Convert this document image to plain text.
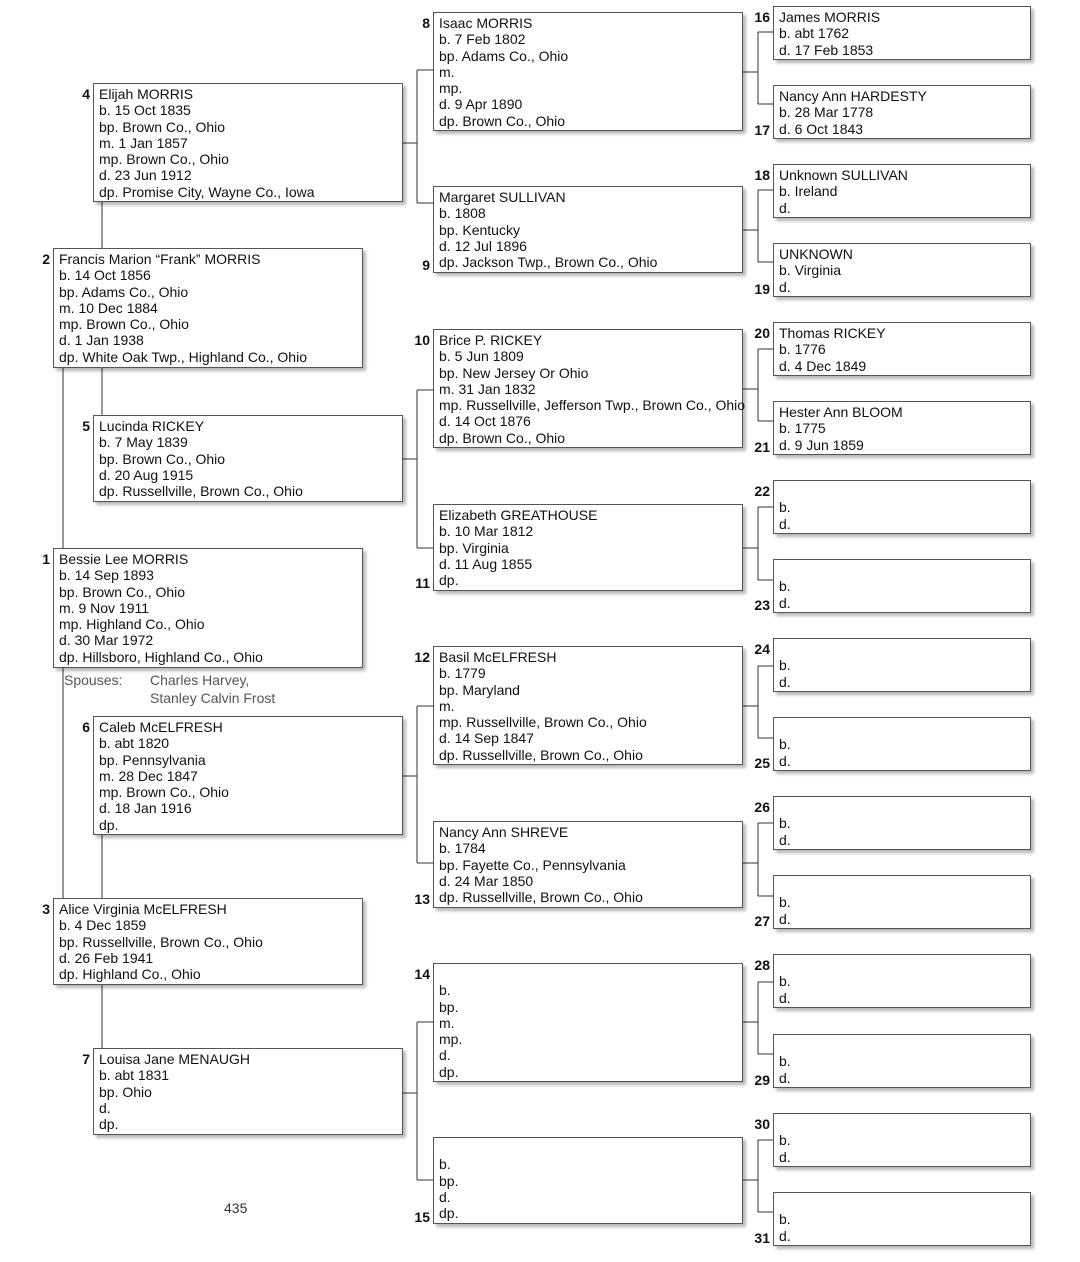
1 Bessie Lee MORRIS
b. 14 Sep 1893
bp. Brown Co., Ohio
m. 9 Nov 1911
mp. Highland Co., Ohio
d. 30 Mar 1972
dp. Hillsboro, Highland Co., Ohio
Spouses: Charles Harvey,
Stanley Calvin Frost
2 Francis Marion “Frank” MORRIS
b. 14 Oct 1856
bp. Adams Co., Ohio
m. 10 Dec 1884
mp. Brown Co., Ohio
d. 1 Jan 1938
dp. White Oak Twp., Highland Co., Ohio
3 Alice Virginia McELFRESH
b. 4 Dec 1859
bp. Russellville, Brown Co., Ohio
d. 26 Feb 1941
dp. Highland Co., Ohio
4 Elijah MORRIS
b. 15 Oct 1835
bp. Brown Co., Ohio
m. 1 Jan 1857
mp. Brown Co., Ohio
d. 23 Jun 1912
dp. Promise City, Wayne Co., Iowa
5 Lucinda RICKEY
b. 7 May 1839
bp. Brown Co., Ohio
d. 20 Aug 1915
dp. Russellville, Brown Co., Ohio
6 Caleb McELFRESH
b. abt 1820
bp. Pennsylvania
m. 28 Dec 1847
mp. Brown Co., Ohio
d. 18 Jan 1916
dp.
7 Louisa Jane MENAUGH
b. abt 1831
bp. Ohio
d.
dp.
8 Isaac MORRIS
b. 7 Feb 1802
bp. Adams Co., Ohio
m.
mp.
d. 9 Apr 1890
dp. Brown Co., Ohio
9
Margaret SULLIVAN
b. 1808
bp. Kentucky
d. 12 Jul 1896
dp. Jackson Twp., Brown Co., Ohio
10 Brice P. RICKEY
b. 5 Jun 1809
bp. New Jersey Or Ohio
m. 31 Jan 1832
mp. Russellville, Jefferson Twp., Brown Co., Ohio
d. 14 Oct 1876
dp. Brown Co., Ohio
11
Elizabeth GREATHOUSE
b. 10 Mar 1812
bp. Virginia
d. 11 Aug 1855
dp.
12 Basil McELFRESH
b. 1779
bp. Maryland
m.
mp. Russellville, Brown Co., Ohio
d. 14 Sep 1847
dp. Russellville, Brown Co., Ohio
13
Nancy Ann SHREVE
b. 1784
bp. Fayette Co., Pennsylvania
d. 24 Mar 1850
dp. Russellville, Brown Co., Ohio
14
b.
bp.
m.
mp.
d.
dp.
15
b.
bp.
d.
dp.
16 James MORRIS
b. abt 1762
d. 17 Feb 1853
17
Nancy Ann HARDESTY
b. 28 Mar 1778
d. 6 Oct 1843
18 Unknown SULLIVAN
b. Ireland
d.
19
UNKNOWN
b. Virginia
d.
20 Thomas RICKEY
b. 1776
d. 4 Dec 1849
21
Hester Ann BLOOM
b. 1775
d. 9 Jun 1859
22
b.
d.
23
b.
d.
24
b.
d.
25
b.
d.
26
b.
d.
27
b.
d.
28
b.
d.
29
b.
d.
30
b.
d.
31
b.
d.
435
